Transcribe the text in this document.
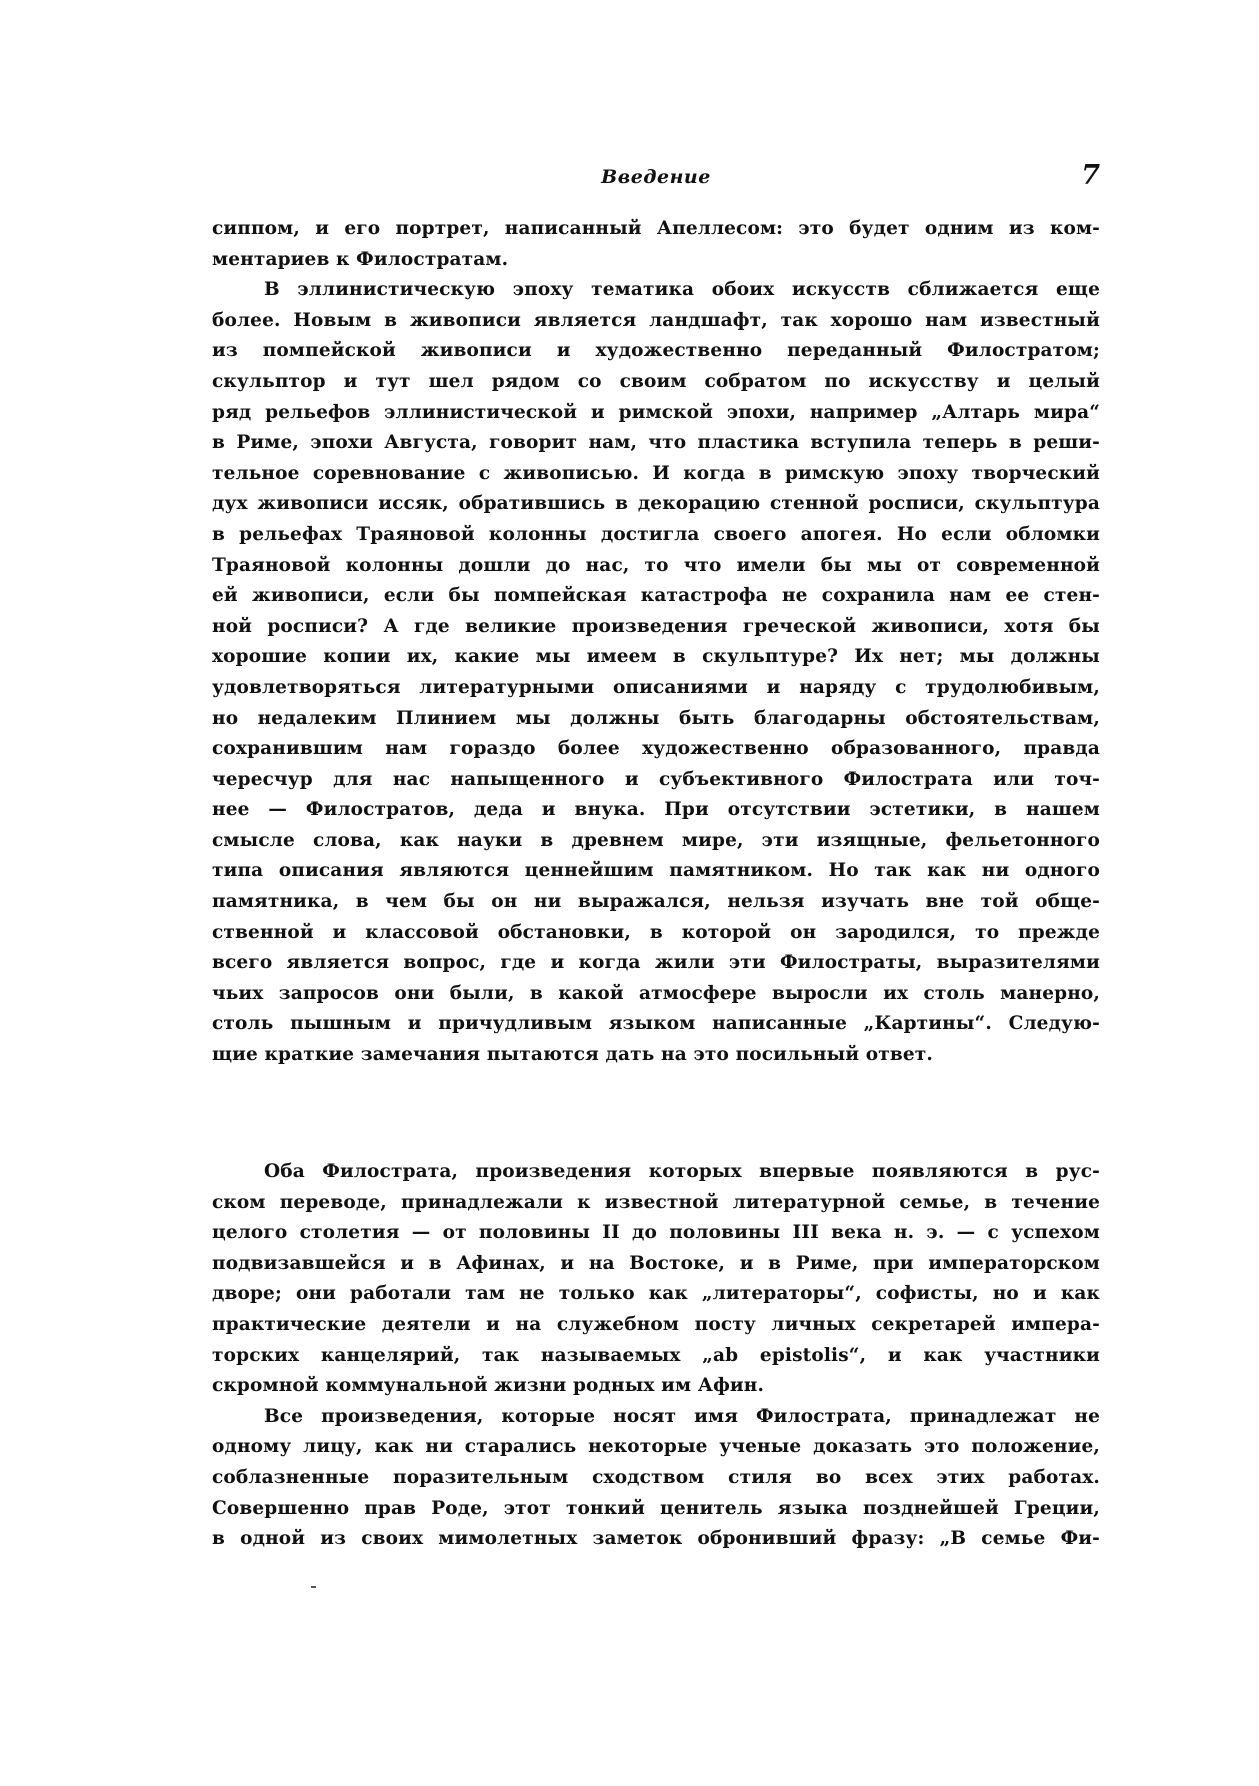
Введение	7
сиппом, и его портрет, написанный Апеллесом: это будет одним из ком-
ментариев к Филостратам.
В эллинистическую эпоху тематика обоих искусств сближается еще
более. Новым в живописи является ландшафт, так хорошо нам известный
из помпейской живописи и художественно переданный Филостратом;
скульптор и тут шел рядом со своим собратом по искусству и целый
ряд рельефов эллинистической и римской эпохи, например „Алтарь мира“
в Риме, эпохи Августа, говорит нам, что пластика вступила теперь в реши-
тельное соревнование с живописью. И когда в римскую эпоху творческий
дух живописи иссяк, обратившись в декорацию стенной росписи, скульптура
в рельефах Траяновой колонны достигла своего апогея. Но если обломки
Траяновой колонны дошли до нас, то что имели бы мы от современной
ей живописи, если бы помпейская катастрофа не сохранила нам ее стен-
ной росписи? А где великие произведения греческой живописи, хотя бы
хорошие копии их, какие мы имеем в скульптуре? Их нет; мы должны
удовлетворяться литературными описаниями и наряду с трудолюбивым,
но недалеким Плинием мы должны быть благодарны обстоятельствам,
сохранившим нам гораздо более художественно образованного, правда
чересчур для нас напыщенного и субъективного Филострата или точ-
нее — Филостратов, деда и внука. При отсутствии эстетики, в нашем
смысле слова, как науки в древнем мире, эти изящные, фельетонного
типа описания являются ценнейшим памятником. Но так как ни одного
памятника, в чем бы он ни выражался, нельзя изучать вне той обще-
ственной и классовой обстановки, в которой он зародился, то прежде
всего является вопрос, где и когда жили эти Филостраты, выразителями
чьих запросов они были, в какой атмосфере выросли их столь манерно,
столь пышным и причудливым языком написанные „Картины“. Следую-
щие краткие замечания пытаются дать на это посильный ответ.
Оба Филострата, произведения которых впервые появляются в рус-
ском переводе, принадлежали к известной литературной семье, в течение
целого столетия — от половины II до половины III века н. э. — с успехом
подвизавшейся и в Афинах, и на Востоке, и в Риме, при императорском
дворе; они работали там не только как „литераторы“, софисты, но и как
практические деятели и на служебном посту личных секретарей импера-
торских канцелярий, так называемых „ab epistolis“, и как участники
скромной коммунальной жизни родных им Афин.
Все произведения, которые носят имя Филострата, принадлежат не
одному лицу, как ни старались некоторые ученые доказать это положение,
соблазненные поразительным сходством стиля во всех этих работах.
Совершенно прав Роде, этот тонкий ценитель языка позднейшей Греции,
в одной из своих мимолетных заметок обронивший фразу: „В семье Фи-
